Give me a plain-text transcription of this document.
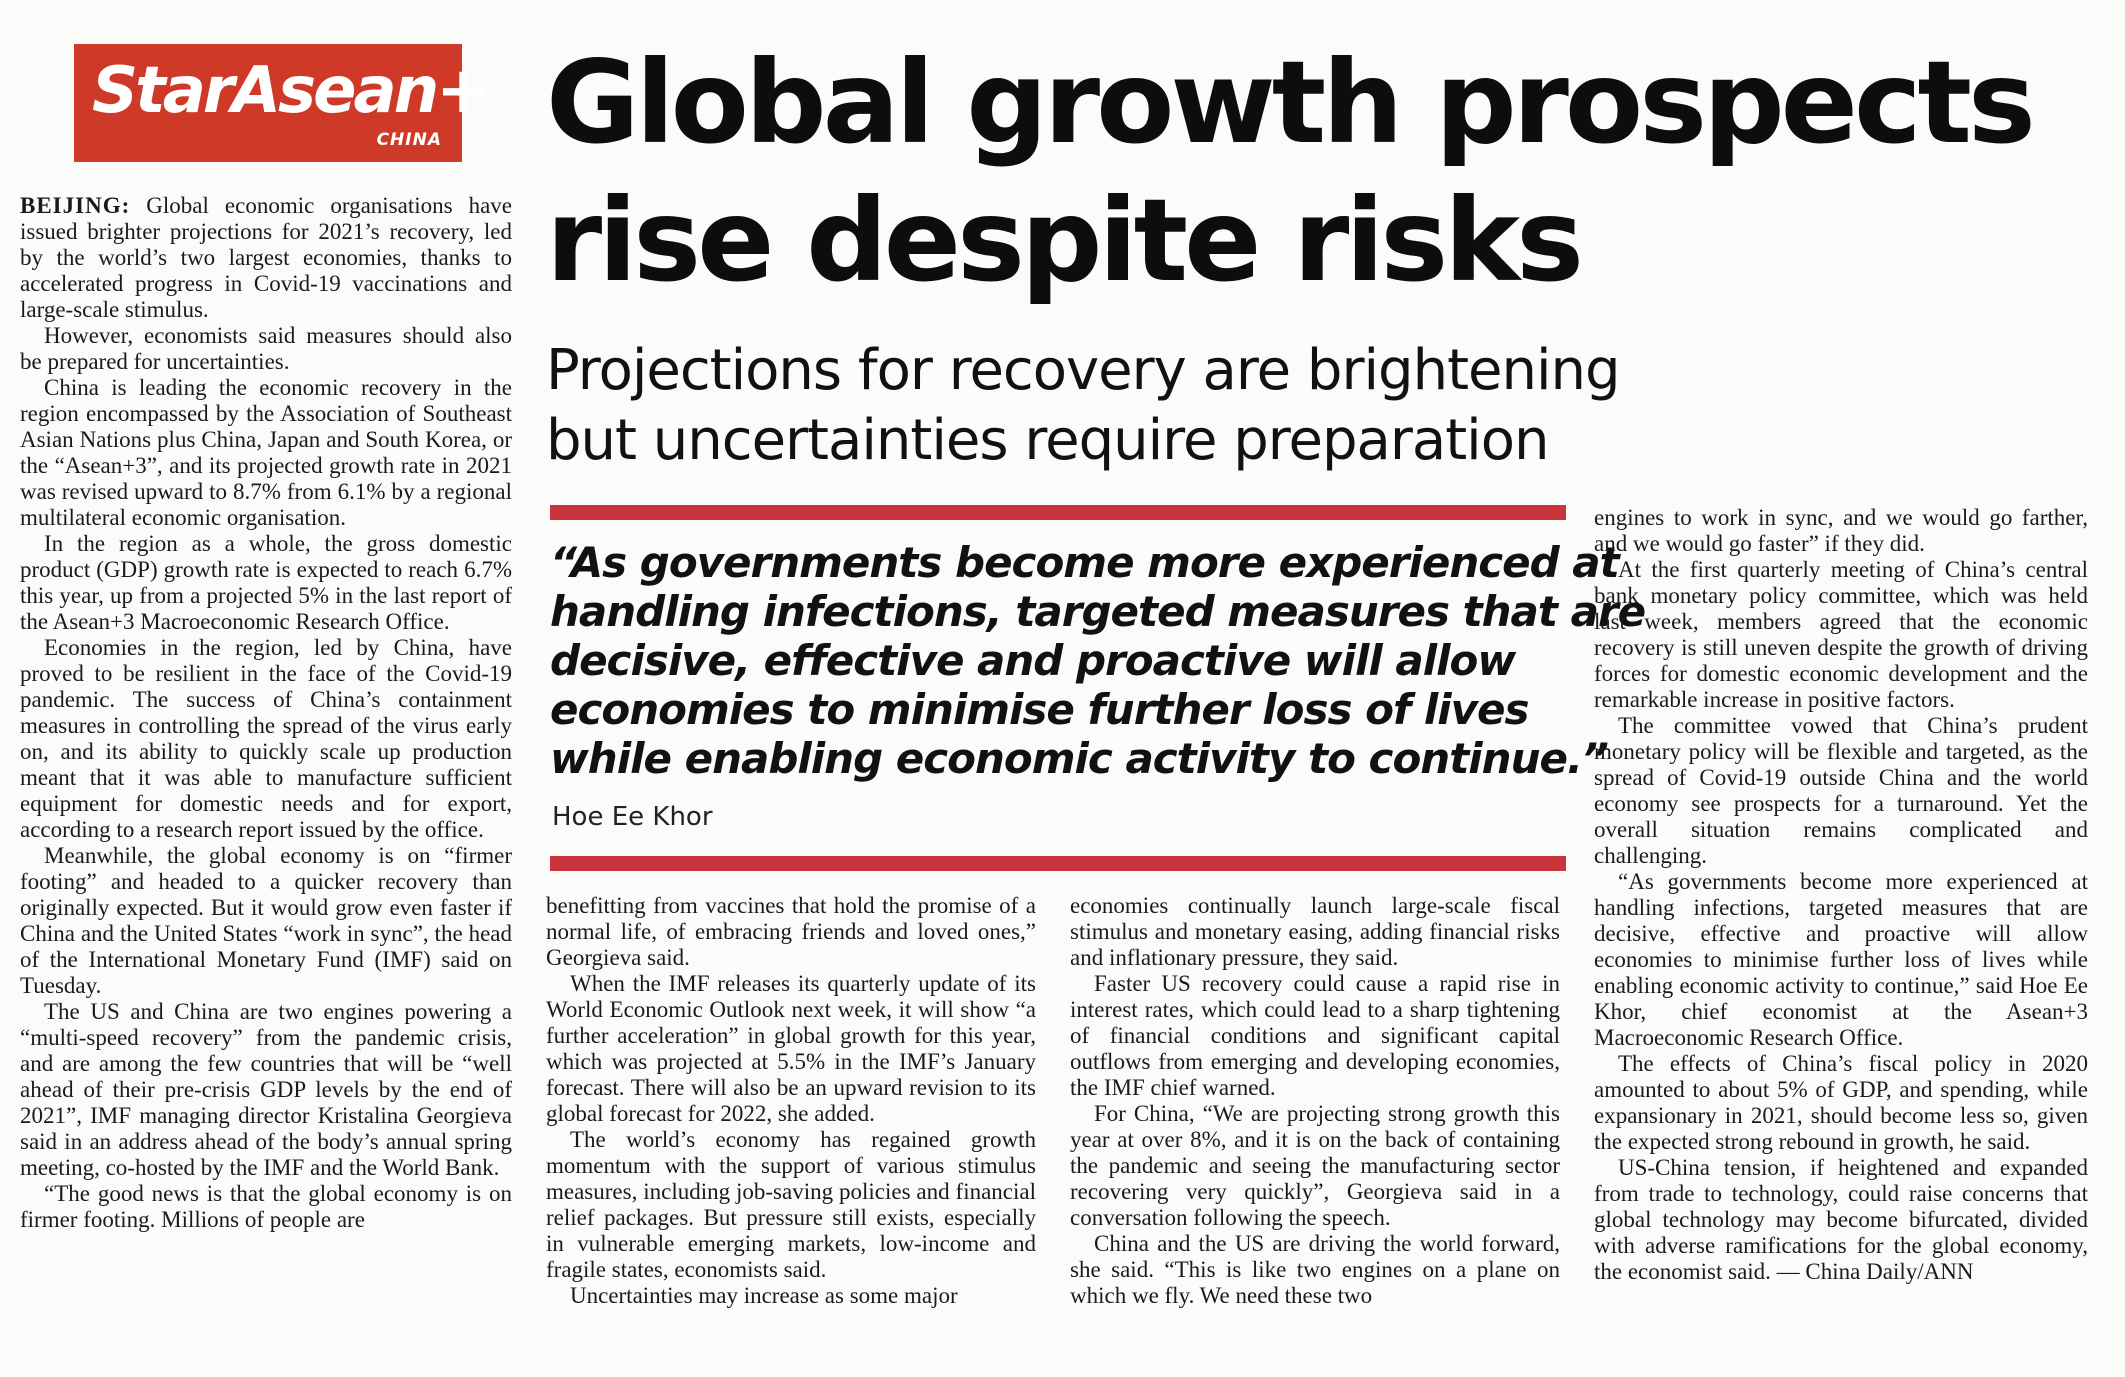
StarAsean+
CHINA Global growth prospects
rise despite risks
Projections for recovery are brightening
but uncertainties require preparation
“As governments become more experienced at
handling infections, targeted measures that are
decisive, effective and proactive will allow
economies to minimise further loss of lives
while enabling economic activity to continue.”
Hoe Ee Khor

BEIJING: Global economic organisations have issued brighter projections for 2021’s recovery, led by the world’s two largest economies, thanks to accelerated progress in Covid-19 vaccinations and large-scale stimulus.

However, economists said measures should also be prepared for uncertainties.

China is leading the economic recovery in the region encompassed by the Association of Southeast Asian Nations plus China, Japan and South Korea, or the “Asean+3”, and its projected growth rate in 2021 was revised upward to 8.7% from 6.1% by a regional multilateral economic organisation.

In the region as a whole, the gross domestic product (GDP) growth rate is expected to reach 6.7% this year, up from a projected 5% in the last report of the Asean+3 Macroeconomic Research Office.

Economies in the region, led by China, have proved to be resilient in the face of the Covid-19 pandemic. The success of China’s containment measures in controlling the spread of the virus early on, and its ability to quickly scale up production meant that it was able to manufacture sufficient equipment for domestic needs and for export, according to a research report issued by the office.

Meanwhile, the global economy is on “firmer footing” and headed to a quicker recovery than originally expected. But it would grow even faster if China and the United States “work in sync”, the head of the International Monetary Fund (IMF) said on Tuesday.

The US and China are two engines powering a “multi-speed recovery” from the pandemic crisis, and are among the few countries that will be “well ahead of their pre-crisis GDP levels by the end of 2021”, IMF managing director Kristalina Georgieva said in an address ahead of the body’s annual spring meeting, co-hosted by the IMF and the World Bank.

“The good news is that the global economy is on firmer footing. Millions of people are

benefitting from vaccines that hold the promise of a normal life, of embracing friends and loved ones,” Georgieva said.

When the IMF releases its quarterly update of its World Economic Outlook next week, it will show “a further acceleration” in global growth for this year, which was projected at 5.5% in the IMF’s January forecast. There will also be an upward revision to its global forecast for 2022, she added.

The world’s economy has regained growth momentum with the support of various stimulus measures, including job-saving policies and financial relief packages. But pressure still exists, especially in vulnerable emerging markets, low-income and fragile states, economists said.

Uncertainties may increase as some major

economies continually launch large-scale fiscal stimulus and monetary easing, adding financial risks and inflationary pressure, they said.

Faster US recovery could cause a rapid rise in interest rates, which could lead to a sharp tightening of financial conditions and significant capital outflows from emerging and developing economies, the IMF chief warned.

For China, “We are projecting strong growth this year at over 8%, and it is on the back of containing the pandemic and seeing the manufacturing sector recovering very quickly”, Georgieva said in a conversation following the speech.

China and the US are driving the world forward, she said. “This is like two engines on a plane on which we fly. We need these two

engines to work in sync, and we would go farther, and we would go faster” if they did.

At the first quarterly meeting of China’s central bank monetary policy committee, which was held last week, members agreed that the economic recovery is still uneven despite the growth of driving forces for domestic economic development and the remarkable increase in positive factors.

The committee vowed that China’s prudent monetary policy will be flexible and targeted, as the spread of Covid-19 outside China and the world economy see prospects for a turnaround. Yet the overall situation remains complicated and challenging.

“As governments become more experienced at handling infections, targeted measures that are decisive, effective and proactive will allow economies to minimise further loss of lives while enabling economic activity to continue,” said Hoe Ee Khor, chief economist at the Asean+3 Macroeconomic Research Office.

The effects of China’s fiscal policy in 2020 amounted to about 5% of GDP, and spending, while expansionary in 2021, should become less so, given the expected strong rebound in growth, he said.

US-China tension, if heightened and expanded from trade to technology, could raise concerns that global technology may become bifurcated, divided with adverse ramifications for the global economy, the economist said. — China Daily/ANN
